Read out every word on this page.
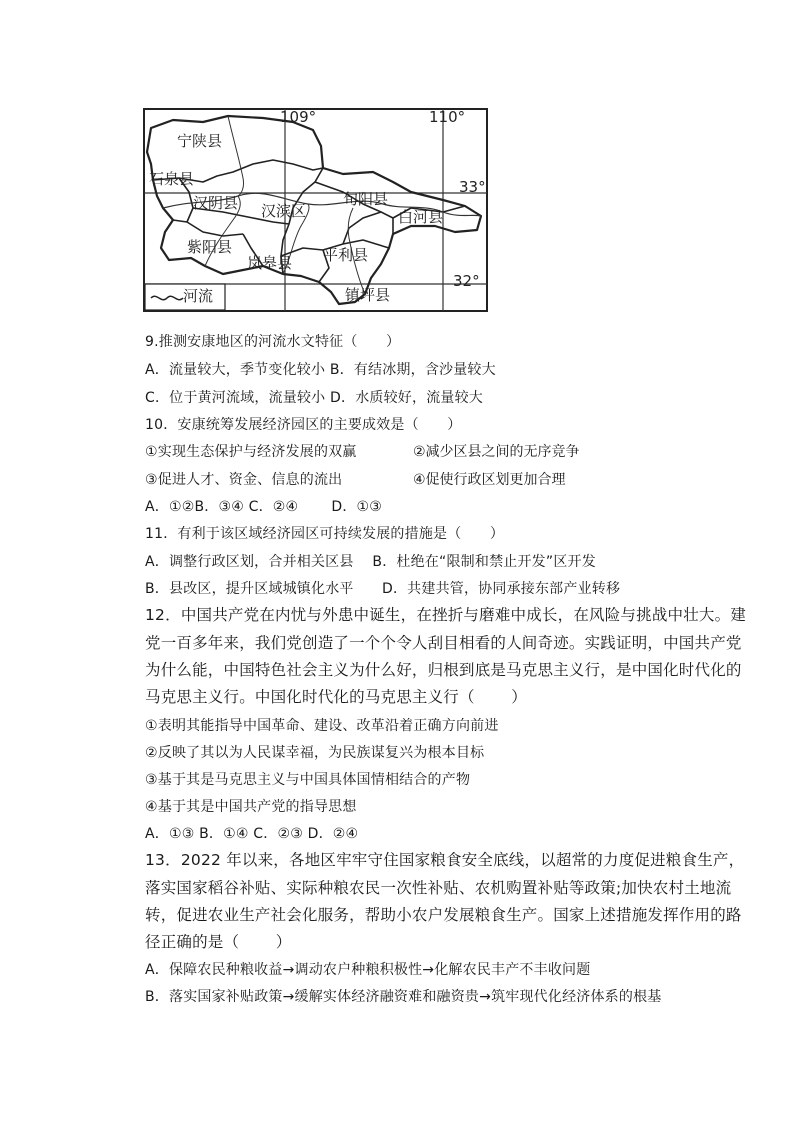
109°	110°
33°
32°
宁陕县
石泉县
汉阴县 汉滨区
旬阳县
白河县
紫阳县
岚皋县 平利县
镇坪县
河流
9.推测安康地区的河流水文特征（　　）
A．流量较大，季节变化较小 B．有结冰期，含沙量较大
C．位于黄河流域，流量较小 D．水质较好，流量较大
10．安康统筹发展经济园区的主要成效是（　　）
①实现生态保护与经济发展的双赢	②减少区县之间的无序竞争
③促进人才、资金、信息的流出	④促使行政区划更加合理
A．①②B．③④ C．②④　　 D．①③
11．有利于该区域经济园区可持续发展的措施是（　　）
A．调整行政区划，合并相关区县　 B．杜绝在“限制和禁止开发”区开发
B．县改区，提升区域城镇化水平　　D．共建共管，协同承接东部产业转移
12．中国共产党在内忧与外患中诞生，在挫折与磨难中成长，在风险与挑战中壮大。建
党一百多年来，我们党创造了一个个令人刮目相看的人间奇迹。实践证明，中国共产党
为什么能，中国特色社会主义为什么好，归根到底是马克思主义行，是中国化时代化的
马克思主义行。中国化时代化的马克思主义行（　　 ）
①表明其能指导中国革命、建设、改革沿着正确方向前进
②反映了其以为人民谋幸福，为民族谋复兴为根本目标
③基于其是马克思主义与中国具体国情相结合的产物
④基于其是中国共产党的指导思想
A．①③ B．①④ C．②③ D．②④
13．2022 年以来，各地区牢牢守住国家粮食安全底线，以超常的力度促进粮食生产，
落实国家稻谷补贴、实际种粮农民一次性补贴、农机购置补贴等政策;加快农村土地流
转，促进农业生产社会化服务，帮助小农户发展粮食生产。国家上述措施发挥作用的路
径正确的是（　　 ）
A．保障农民种粮收益→调动农户种粮积极性→化解农民丰产不丰收问题
B．落实国家补贴政策→缓解实体经济融资难和融资贵→筑牢现代化经济体系的根基
